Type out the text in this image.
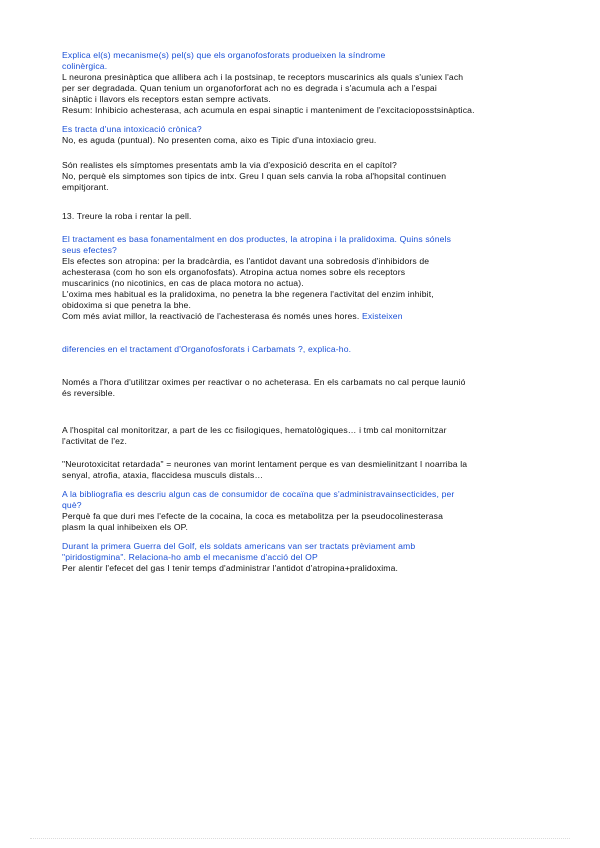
Explica el(s) mecanisme(s) pel(s) que els organofosforats produeixen la síndrome
colinèrgica.
L neurona presinàptica que allibera ach i la postsinap, te receptors muscarinics als quals s'uniex l'ach
per ser degradada. Quan tenium un organoforforat ach no es degrada i s'acumula ach a l'espai
sinàptic i llavors els receptors estan sempre activats.
Resum: Inhibicio achesterasa, ach acumula en espai sinaptic i manteniment de l'excitacioposstsinàptica.
Es tracta d'una intoxicació crònica?
No, es aguda (puntual). No presenten coma, aixo es Tipic d'una intoxiacio greu.
Són realistes els símptomes presentats amb la via d'exposició descrita en el capítol?
No, perquè els simptomes son tipics de intx. Greu I quan sels canvia la roba al'hopsital continuen
empitjorant.
13. Treure la roba i rentar la pell.
El tractament es basa fonamentalment en dos productes, la atropina i la pralidoxima. Quins sónels
seus efectes?
Els efectes son atropina: per la bradcàrdia, es l'antidot davant una sobredosis d'inhibidors de
achesterasa (com ho son els organofosfats). Atropina actua nomes sobre els receptors
muscarinics (no nicotinics, en cas de placa motora no actua).
L'oxima mes habitual es la pralidoxima, no penetra la bhe regenera l'activitat del enzim inhibit,
obidoxima si que penetra la bhe.
Com més aviat millor, la reactivació de l'achesterasa és només unes hores. Existeixen
diferencies en el tractament d'Organofosforats i Carbamats ?, explica-ho.
Només a l'hora d'utilitzar oximes per reactivar o no acheterasa. En els carbamats no cal perque launió
és reversible.
A l'hospital cal monitoritzar, a part de les cc fisilogiques, hematològiques… i tmb cal monitornitzar
l'activitat de l'ez.
"Neurotoxicitat retardada" = neurones van morint lentament perque es van desmielinitzant I noarriba la
senyal, atrofia, ataxia, flaccidesa musculs distals…
A la bibliografia es descriu algun cas de consumidor de cocaïna que s'administravainsecticides, per
què?
Perquè fa que duri mes l'efecte de la cocaina, la coca es metabolitza per la pseudocolinesterasa
plasm la qual inhibeixen els OP.
Durant la primera Guerra del Golf, els soldats americans van ser tractats prèviament amb
"piridostigmina". Relaciona-ho amb el mecanisme d'acció del OP
Per alentir l'efecet del gas I tenir temps d'administrar l'antidot d'atropina+pralidoxima.
